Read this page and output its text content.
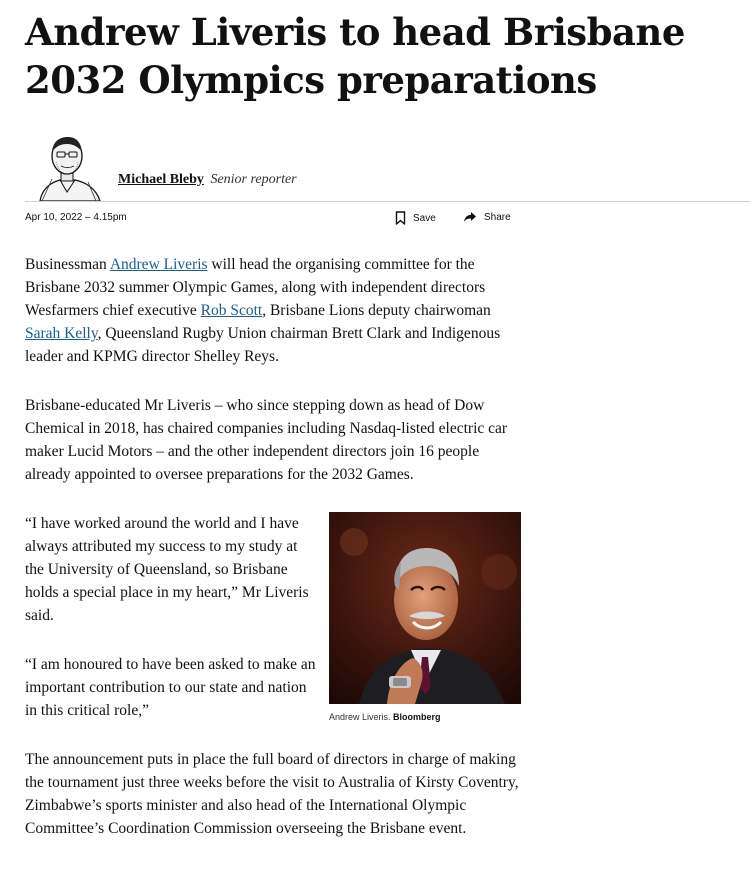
Andrew Liveris to head Brisbane 2032 Olympics preparations
Michael Bleby Senior reporter
Apr 10, 2022 – 4.15pm	Save	Share

Businessman Andrew Liveris will head the organising committee for the Brisbane 2032 summer Olympic Games, along with independent directors Wesfarmers chief executive Rob Scott, Brisbane Lions deputy chairwoman Sarah Kelly, Queensland Rugby Union chairman Brett Clark and Indigenous leader and KPMG director Shelley Reys.

Brisbane-educated Mr Liveris – who since stepping down as head of Dow Chemical in 2018, has chaired companies including Nasdaq-listed electric car maker Lucid Motors – and the other independent directors join 16 people already appointed to oversee preparations for the 2032 Games.

“I have worked around the world and I have always attributed my success to my study at the University of Queensland, so Brisbane holds a special place in my heart,” Mr Liveris said.

“I am honoured to have been asked to make an important contribution to our state and nation in this critical role,”	Andrew Liveris. Bloomberg

The announcement puts in place the full board of directors in charge of making the tournament just three weeks before the visit to Australia of Kirsty Coventry, Zimbabwe’s sports minister and also head of the International Olympic Committee’s Coordination Commission overseeing the Brisbane event.
